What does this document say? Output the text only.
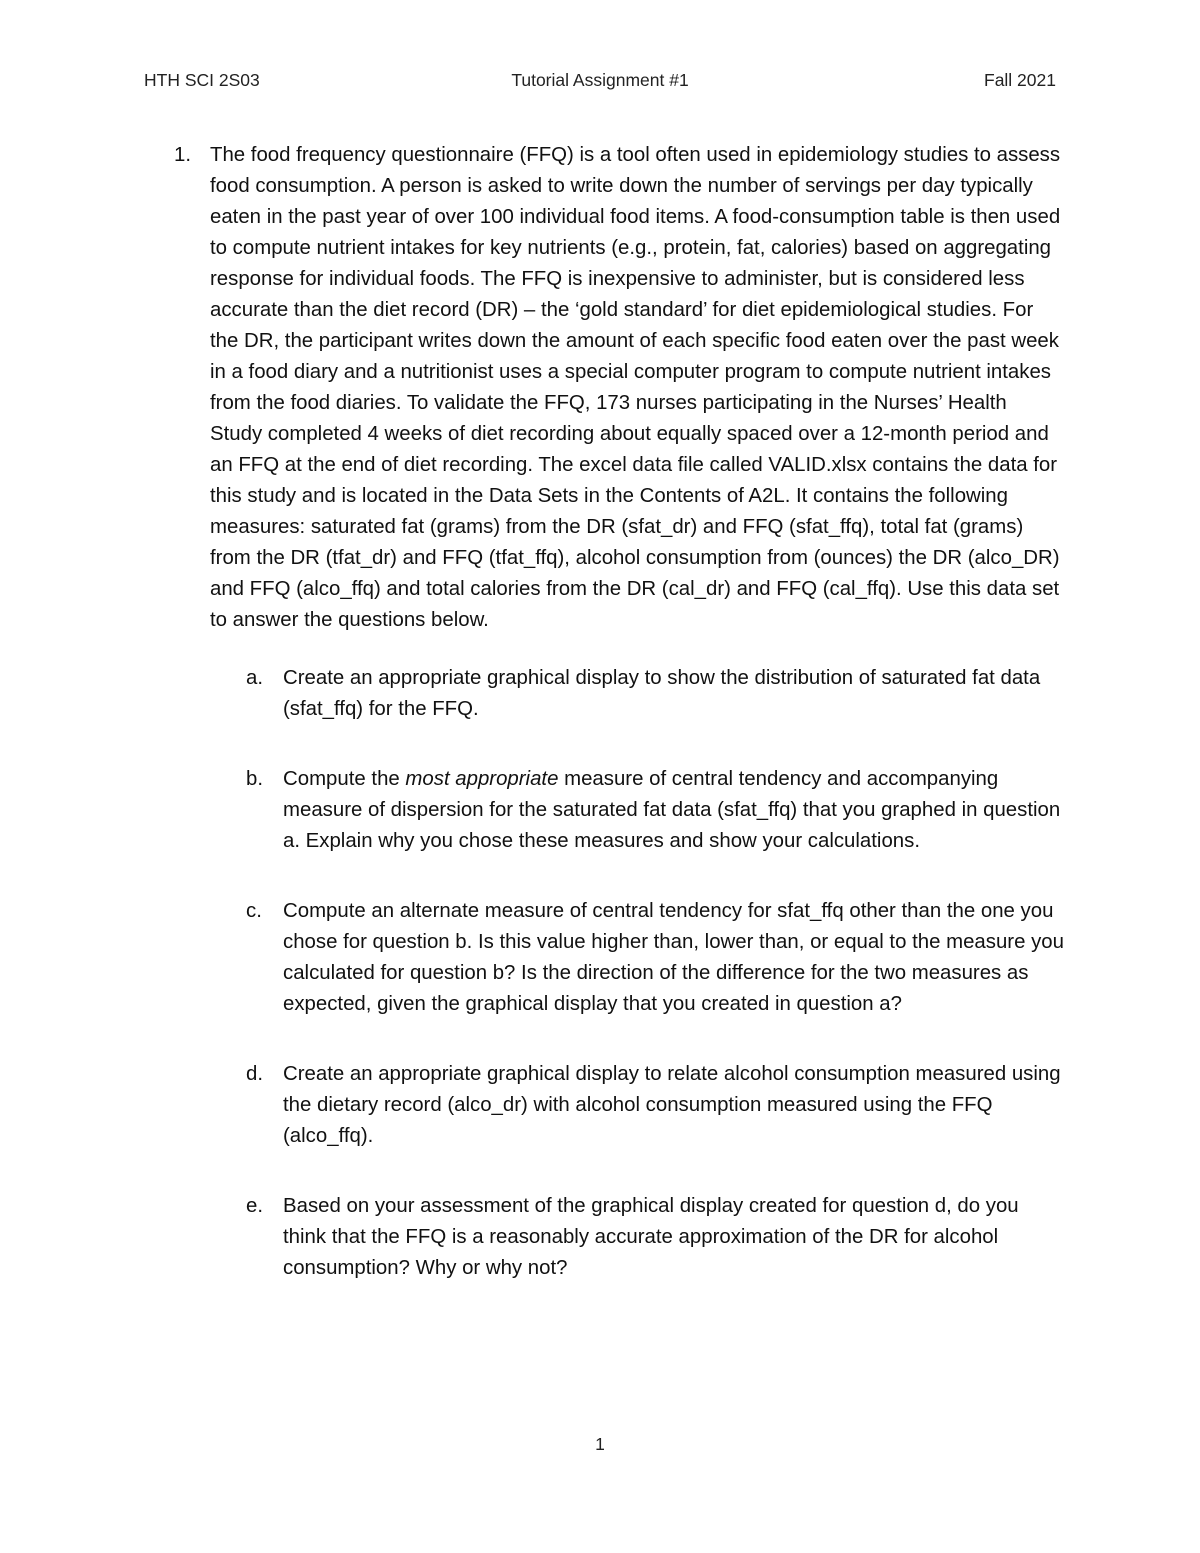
HTH SCI 2S03	Tutorial Assignment #1	Fall 2021
1. The food frequency questionnaire (FFQ) is a tool often used in epidemiology studies to assess food consumption. A person is asked to write down the number of servings per day typically eaten in the past year of over 100 individual food items. A food-consumption table is then used to compute nutrient intakes for key nutrients (e.g., protein, fat, calories) based on aggregating response for individual foods. The FFQ is inexpensive to administer, but is considered less accurate than the diet record (DR) – the ‘gold standard’ for diet epidemiological studies. For the DR, the participant writes down the amount of each specific food eaten over the past week in a food diary and a nutritionist uses a special computer program to compute nutrient intakes from the food diaries. To validate the FFQ, 173 nurses participating in the Nurses’ Health Study completed 4 weeks of diet recording about equally spaced over a 12-month period and an FFQ at the end of diet recording. The excel data file called VALID.xlsx contains the data for this study and is located in the Data Sets in the Contents of A2L. It contains the following measures: saturated fat (grams) from the DR (sfat_dr) and FFQ (sfat_ffq), total fat (grams) from the DR (tfat_dr) and FFQ (tfat_ffq), alcohol consumption from (ounces) the DR (alco_DR) and FFQ (alco_ffq) and total calories from the DR (cal_dr) and FFQ (cal_ffq). Use this data set to answer the questions below.

a. Create an appropriate graphical display to show the distribution of saturated fat data (sfat_ffq) for the FFQ.
b. Compute the most appropriate measure of central tendency and accompanying measure of dispersion for the saturated fat data (sfat_ffq) that you graphed in question a. Explain why you chose these measures and show your calculations.
c. Compute an alternate measure of central tendency for sfat_ffq other than the one you chose for question b. Is this value higher than, lower than, or equal to the measure you calculated for question b? Is the direction of the difference for the two measures as expected, given the graphical display that you created in question a?
d. Create an appropriate graphical display to relate alcohol consumption measured using the dietary record (alco_dr) with alcohol consumption measured using the FFQ (alco_ffq).
e. Based on your assessment of the graphical display created for question d, do you think that the FFQ is a reasonably accurate approximation of the DR for alcohol consumption? Why or why not?
1
